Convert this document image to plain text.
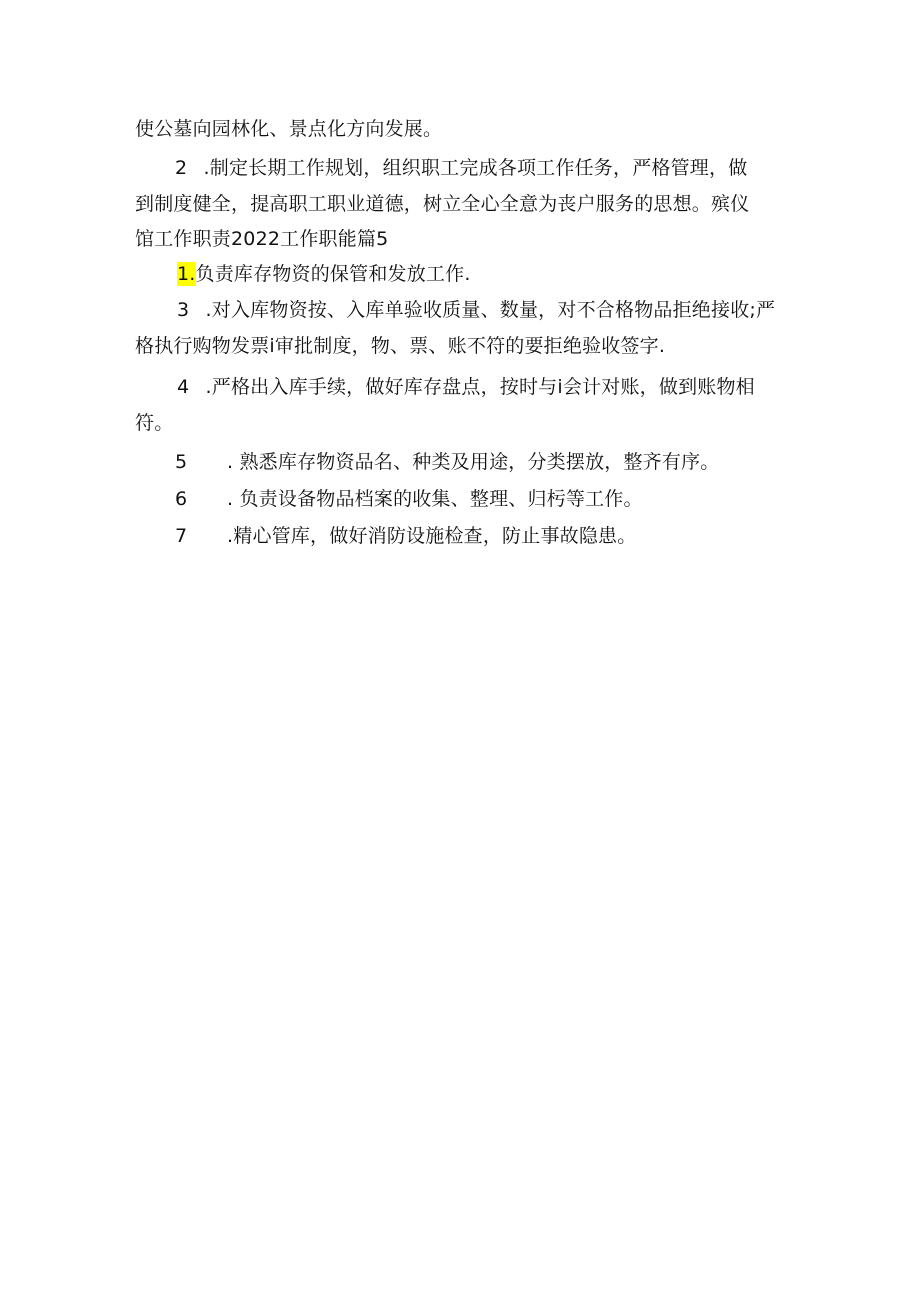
使公墓向园林化、景点化方向发展。
2 .制定长期工作规划，组织职工完成各项工作任务，严格管理，做
到制度健全，提高职工职业道德，树立全心全意为丧户服务的思想。殡仪
馆工作职责2022工作职能篇5
1.负责库存物资的保管和发放工作.
3 .对入库物资按、入库单验收质量、数量，对不合格物品拒绝接收;严
格执行购物发票i审批制度，物、票、账不符的要拒绝验收签字.
4 .严格出入库手续，做好库存盘点，按时与i会计对账，做到账物相
符。
5 . 熟悉库存物资品名、种类及用途，分类摆放，整齐有序。
6 . 负责设备物品档案的收集、整理、归杇等工作。
7 .精心管库，做好消防设施检查，防止事故隐患。
